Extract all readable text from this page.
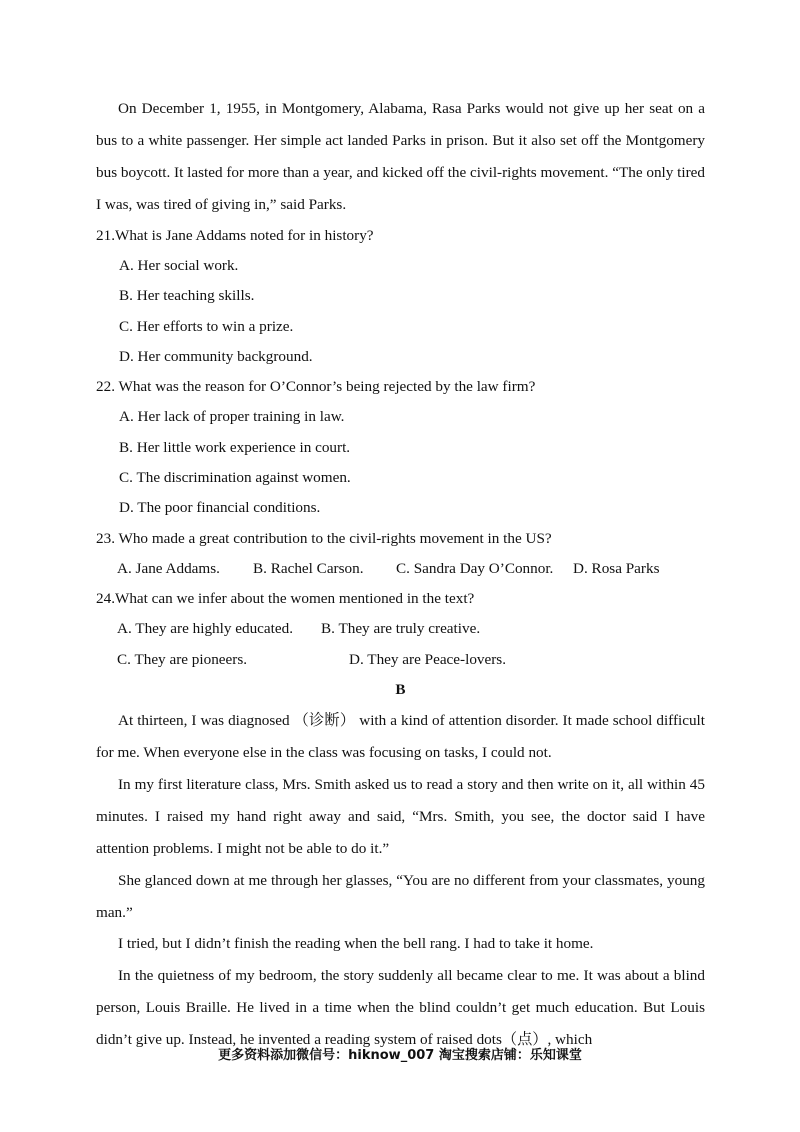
On December 1, 1955, in Montgomery, Alabama, Rasa Parks would not give up her seat on a bus to a white passenger. Her simple act landed Parks in prison. But it also set off the Montgomery bus boycott. It lasted for more than a year, and kicked off the civil-rights movement. “The only tired I was, was tired of giving in,” said Parks.

21.What is Jane Addams noted for in history?

A. Her social work.

B. Her teaching skills.

C. Her efforts to win a prize.

D. Her community background.

22. What was the reason for O’Connor’s being rejected by the law firm?

A. Her lack of proper training in law.

B. Her little work experience in court.

C. The discrimination against women.

D. The poor financial conditions.

23. Who made a great contribution to the civil-rights movement in the US?

A. Jane Addams.	B. Rachel Carson.	C. Sandra Day O’Connor.	D. Rosa Parks

24.What can we infer about the women mentioned in the text?

A. They are highly educated.	B. They are truly creative.
C. They are pioneers.	D. They are Peace-lovers.

B

At thirteen, I was diagnosed （诊断） with a kind of attention disorder. It made school difficult for me. When everyone else in the class was focusing on tasks, I could not.

In my first literature class, Mrs. Smith asked us to read a story and then write on it, all within 45 minutes. I raised my hand right away and said, “Mrs. Smith, you see, the doctor said I have attention problems. I might not be able to do it.”

She glanced down at me through her glasses, “You are no different from your classmates, young man.”

I tried, but I didn’t finish the reading when the bell rang. I had to take it home.

In the quietness of my bedroom, the story suddenly all became clear to me. It was about a blind person, Louis Braille. He lived in a time when the blind couldn’t get much education. But Louis didn’t give up. Instead, he invented a reading system of raised dots（点）, which

更多资料添加微信号：hiknow_007 淘宝搜索店铺：乐知课堂
